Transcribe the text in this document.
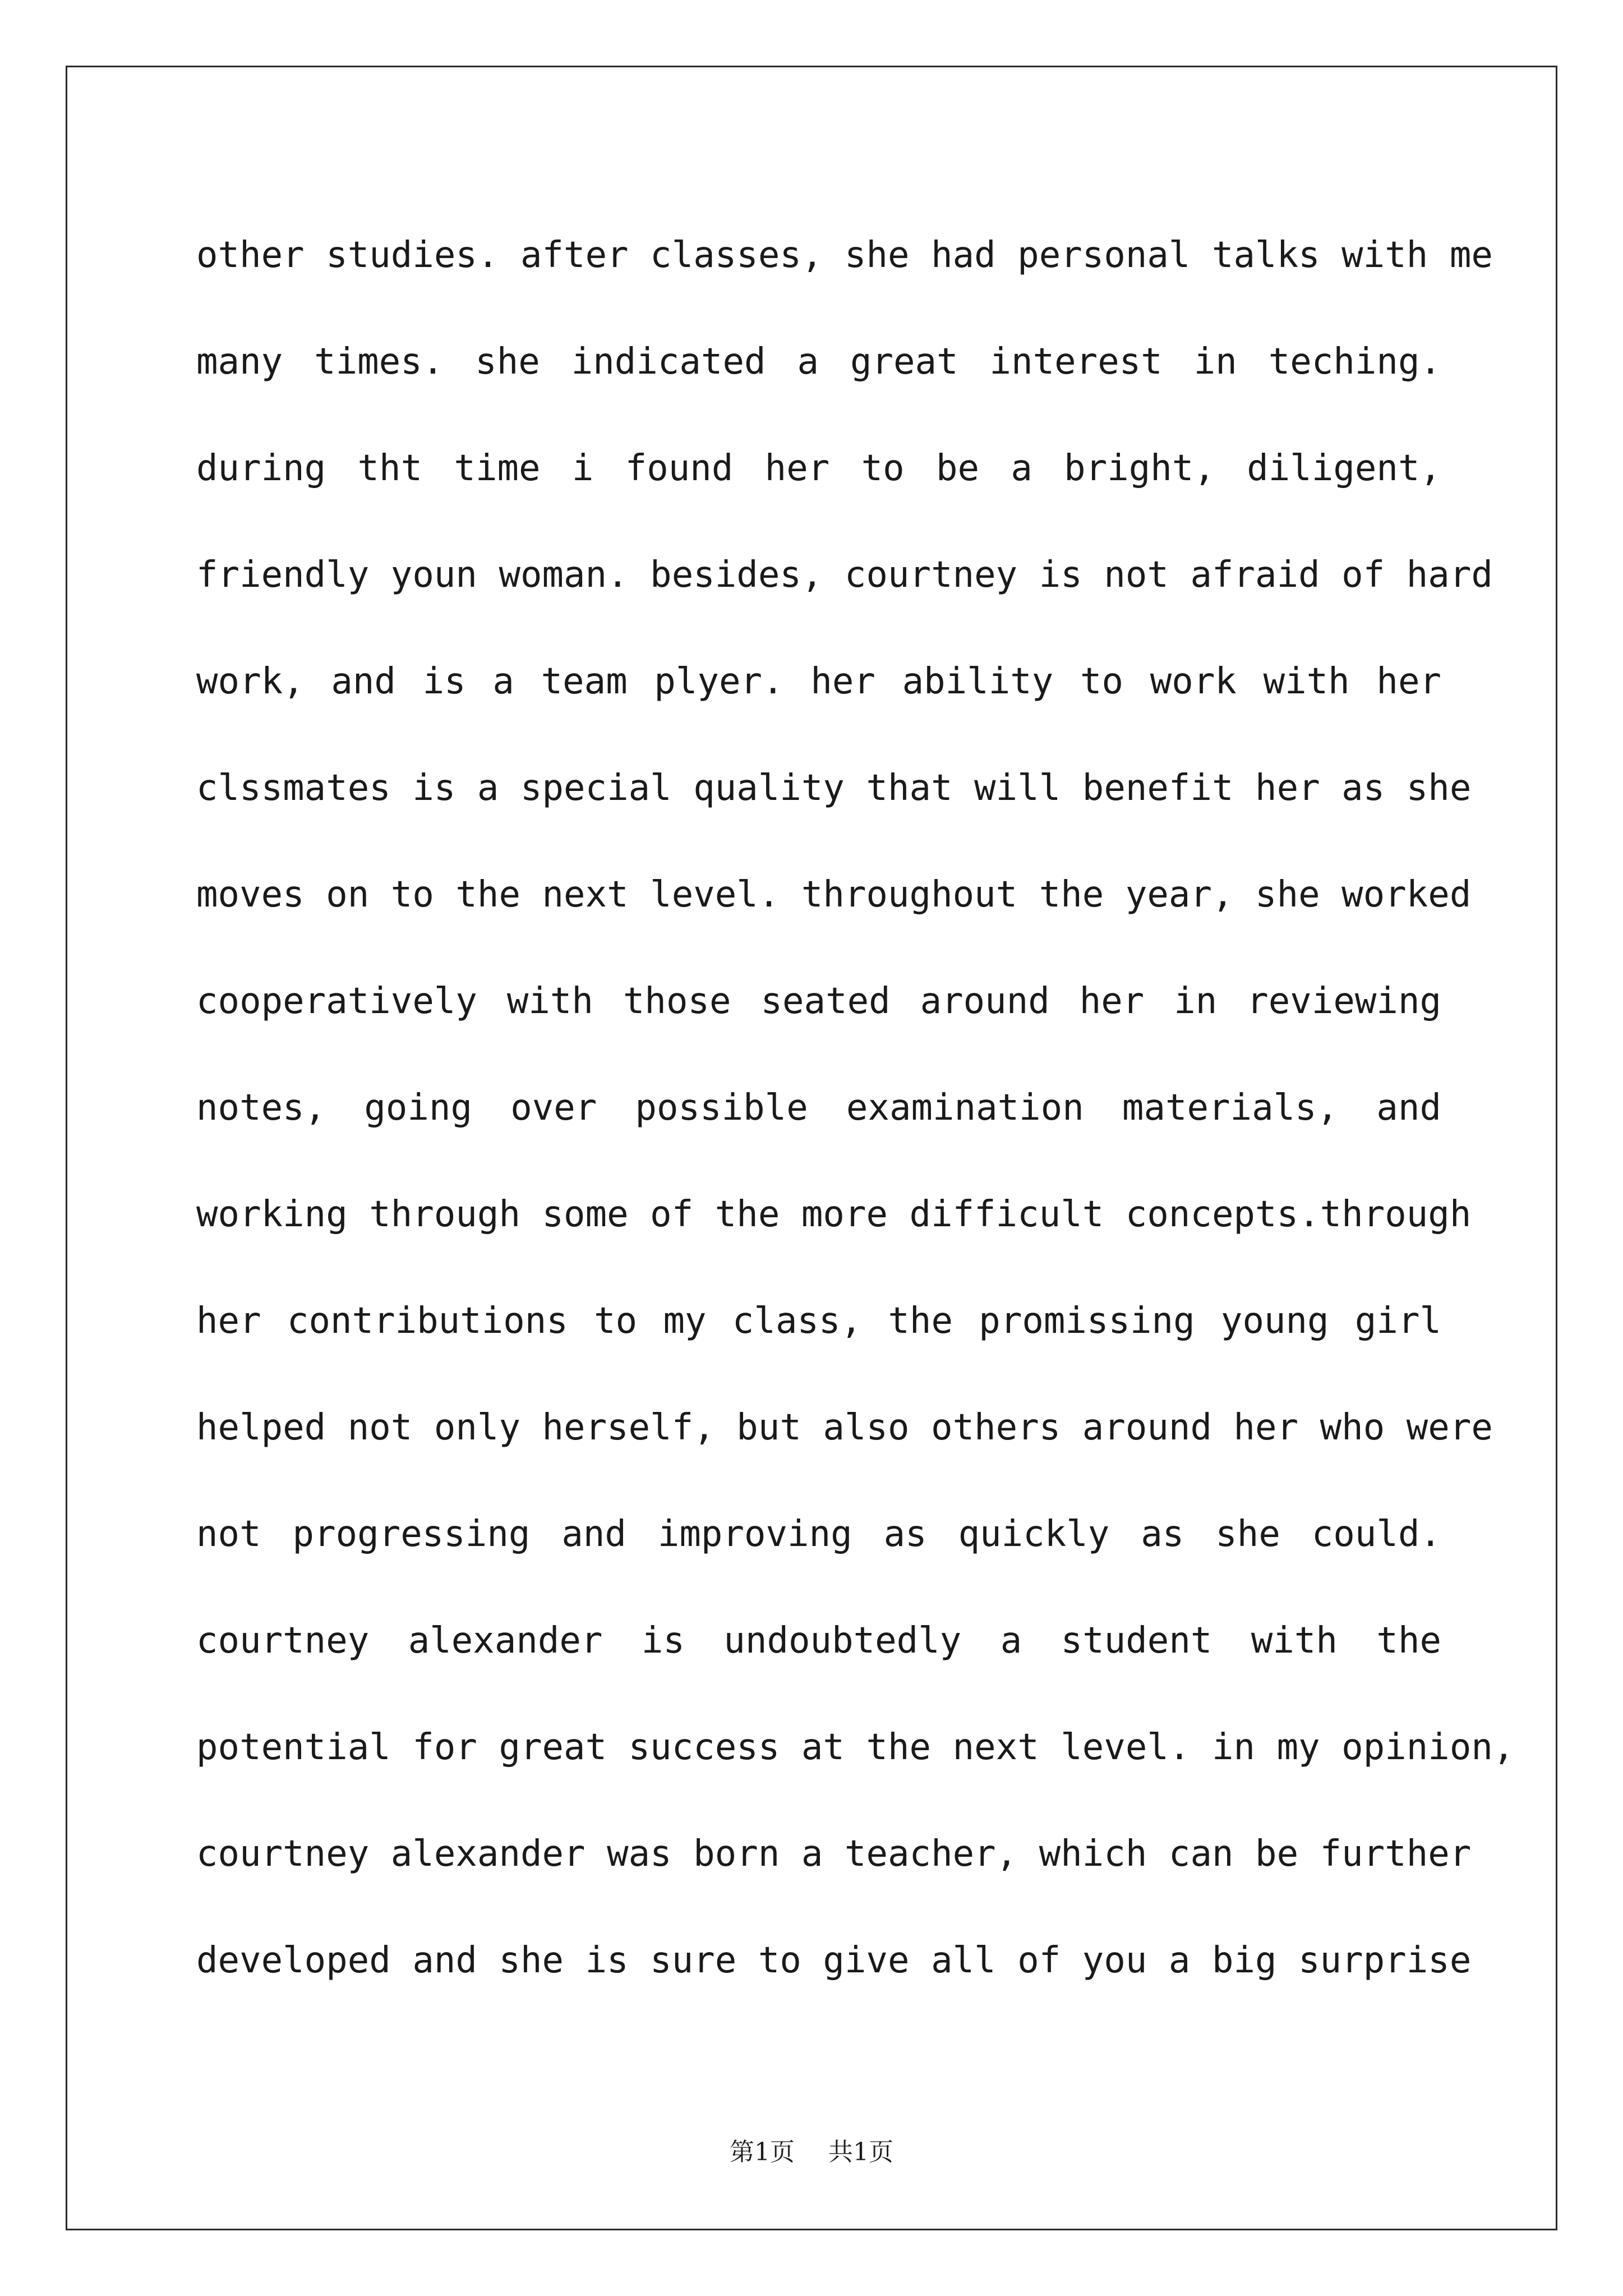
other studies. after classes, she had personal talks with me
many times. she indicated a great interest in teching.
during tht time i found her to be a bright, diligent,
friendly youn woman. besides, courtney is not afraid of hard
work, and is a team plyer. her ability to work with her
clssmates is a special quality that will benefit her as she
moves on to the next level. throughout the year, she worked
cooperatively with those seated around her in reviewing
notes, going over possible examination materials, and
working through some of the more difficult concepts.through
her contributions to my class, the promissing young girl
helped not only herself, but also others around her who were
not progressing and improving as quickly as she could.
courtney alexander is undoubtedly a student with the
potential for great success at the next level. in my opinion,
courtney alexander was born a teacher, which can be further
developed and she is sure to give all of you a big surprise
第1页 共1页
